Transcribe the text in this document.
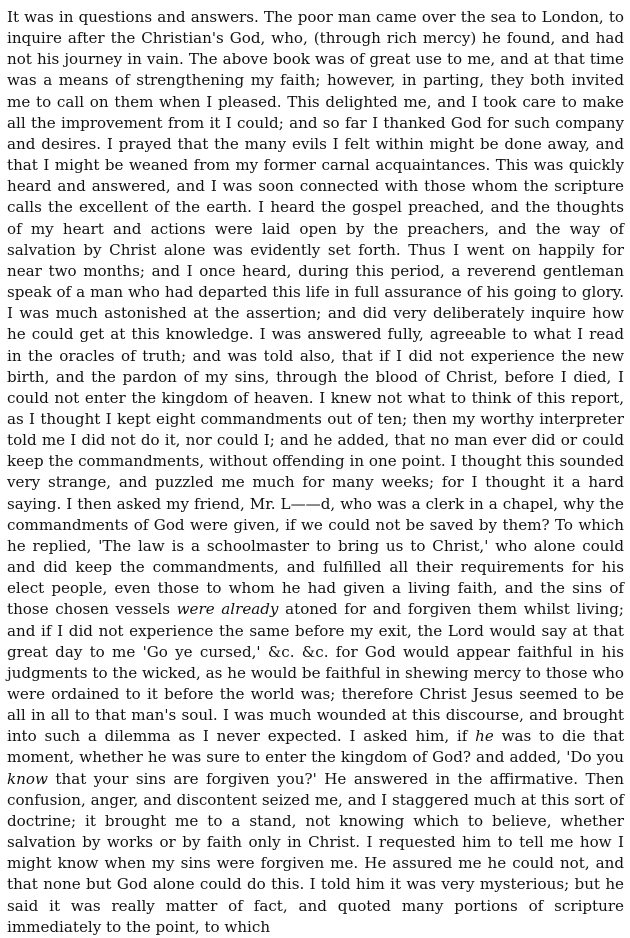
It was in questions and answers. The poor man came over the sea to London, to inquire after the Christian's God, who, (through rich mercy) he found, and had not his journey in vain. The above book was of great use to me, and at that time was a means of strengthening my faith; however, in parting, they both invited me to call on them when I pleased. This delighted me, and I took care to make all the improvement from it I could; and so far I thanked God for such company and desires. I prayed that the many evils I felt within might be done away, and that I might be weaned from my former carnal acquaintances. This was quickly heard and answered, and I was soon connected with those whom the scripture calls the excellent of the earth. I heard the gospel preached, and the thoughts of my heart and actions were laid open by the preachers, and the way of salvation by Christ alone was evidently set forth. Thus I went on happily for near two months; and I once heard, during this period, a reverend gentleman speak of a man who had departed this life in full assurance of his going to glory. I was much astonished at the assertion; and did very deliberately inquire how he could get at this knowledge. I was answered fully, agreeable to what I read in the oracles of truth; and was told also, that if I did not experience the new birth, and the pardon of my sins, through the blood of Christ, before I died, I could not enter the kingdom of heaven. I knew not what to think of this report, as I thought I kept eight commandments out of ten; then my worthy interpreter told me I did not do it, nor could I; and he added, that no man ever did or could keep the commandments, without offending in one point. I thought this sounded very strange, and puzzled me much for many weeks; for I thought it a hard saying. I then asked my friend, Mr. L——d, who was a clerk in a chapel, why the commandments of God were given, if we could not be saved by them? To which he replied, 'The law is a schoolmaster to bring us to Christ,' who alone could and did keep the commandments, and fulfilled all their requirements for his elect people, even those to whom he had given a living faith, and the sins of those chosen vessels were already atoned for and forgiven them whilst living; and if I did not experience the same before my exit, the Lord would say at that great day to me 'Go ye cursed,' &c. &c. for God would appear faithful in his judgments to the wicked, as he would be faithful in shewing mercy to those who were ordained to it before the world was; therefore Christ Jesus seemed to be all in all to that man's soul. I was much wounded at this discourse, and brought into such a dilemma as I never expected. I asked him, if he was to die that moment, whether he was sure to enter the kingdom of God? and added, 'Do you know that your sins are forgiven you?' He answered in the affirmative. Then confusion, anger, and discontent seized me, and I staggered much at this sort of doctrine; it brought me to a stand, not knowing which to believe, whether salvation by works or by faith only in Christ. I requested him to tell me how I might know when my sins were forgiven me. He assured me he could not, and that none but God alone could do this. I told him it was very mysterious; but he said it was really matter of fact, and quoted many portions of scripture immediately to the point, to which
